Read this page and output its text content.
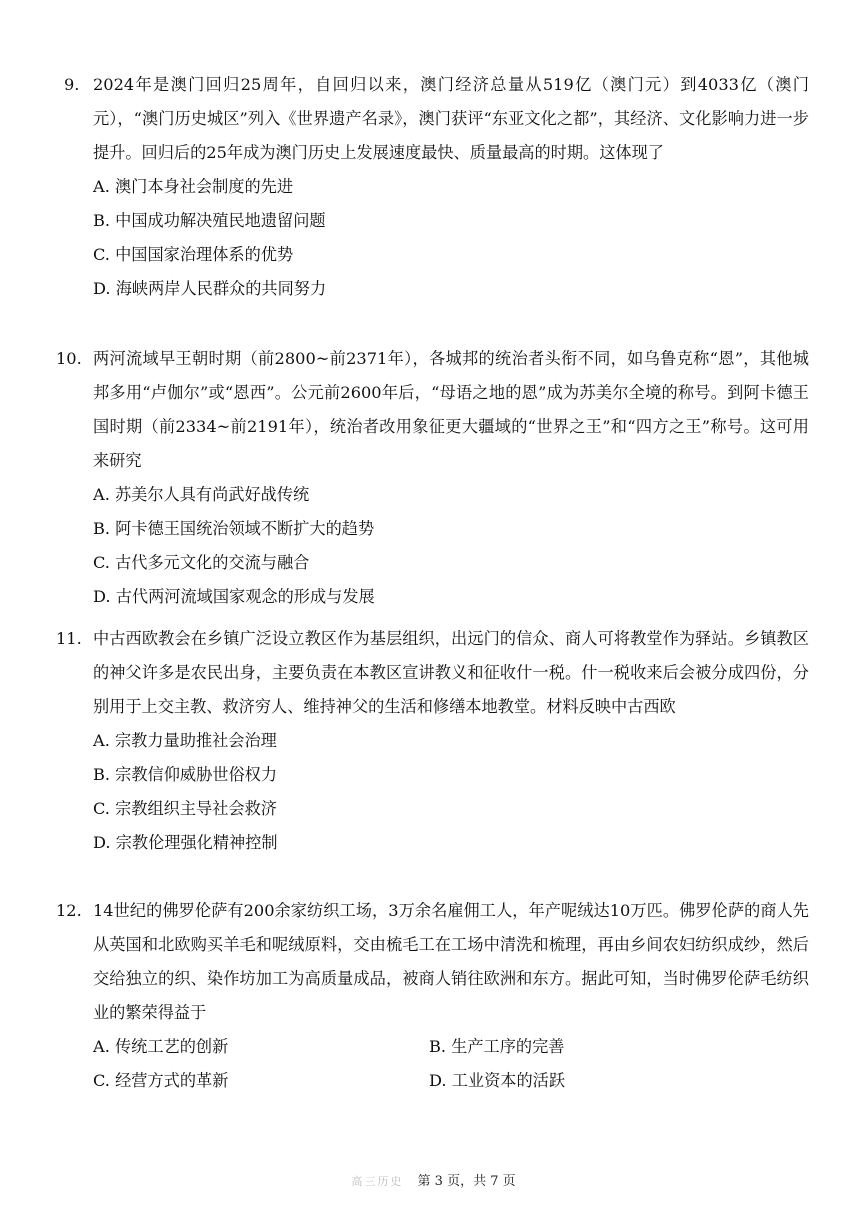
9. 2024年是澳门回归25周年，自回归以来，澳门经济总量从519亿（澳门元）到4033亿（澳门元），“澳门历史城区”列入《世界遗产名录》，澳门获评“东亚文化之都”，其经济、文化影响力进一步提升。回归后的25年成为澳门历史上发展速度最快、质量最高的时期。这体现了
A. 澳门本身社会制度的先进
B. 中国成功解决殖民地遗留问题
C. 中国国家治理体系的优势
D. 海峡两岸人民群众的共同努力
10. 两河流域早王朝时期（前2800~前2371年），各城邦的统治者头衔不同，如乌鲁克称“恩”，其他城邦多用“卢伽尔”或“恩西”。公元前2600年后，“母语之地的恩”成为苏美尔全境的称号。到阿卡德王国时期（前2334~前2191年），统治者改用象征更大疆域的“世界之王”和“四方之王”称号。这可用来研究
A. 苏美尔人具有尚武好战传统
B. 阿卡德王国统治领域不断扩大的趋势
C. 古代多元文化的交流与融合
D. 古代两河流域国家观念的形成与发展
11. 中古西欧教会在乡镇广泛设立教区作为基层组织，出远门的信众、商人可将教堂作为驿站。乡镇教区的神父许多是农民出身，主要负责在本教区宣讲教义和征收什一税。什一税收来后会被分成四份，分别用于上交主教、救济穷人、维持神父的生活和修缮本地教堂。材料反映中古西欧
A. 宗教力量助推社会治理
B. 宗教信仰威胁世俗权力
C. 宗教组织主导社会救济
D. 宗教伦理强化精神控制
12. 14世纪的佛罗伦萨有200余家纺织工场，3万余名雇佣工人，年产呢绒达10万匹。佛罗伦萨的商人先从英国和北欧购买羊毛和呢绒原料，交由梳毛工在工场中清洗和梳理，再由乡间农妇纺织成纱，然后交给独立的织、染作坊加工为高质量成品，被商人销往欧洲和东方。据此可知，当时佛罗伦萨毛纺织业的繁荣得益于
A. 传统工艺的创新	B. 生产工序的完善
C. 经营方式的革新	D. 工业资本的活跃
高三历史 第 3 页，共 7 页
